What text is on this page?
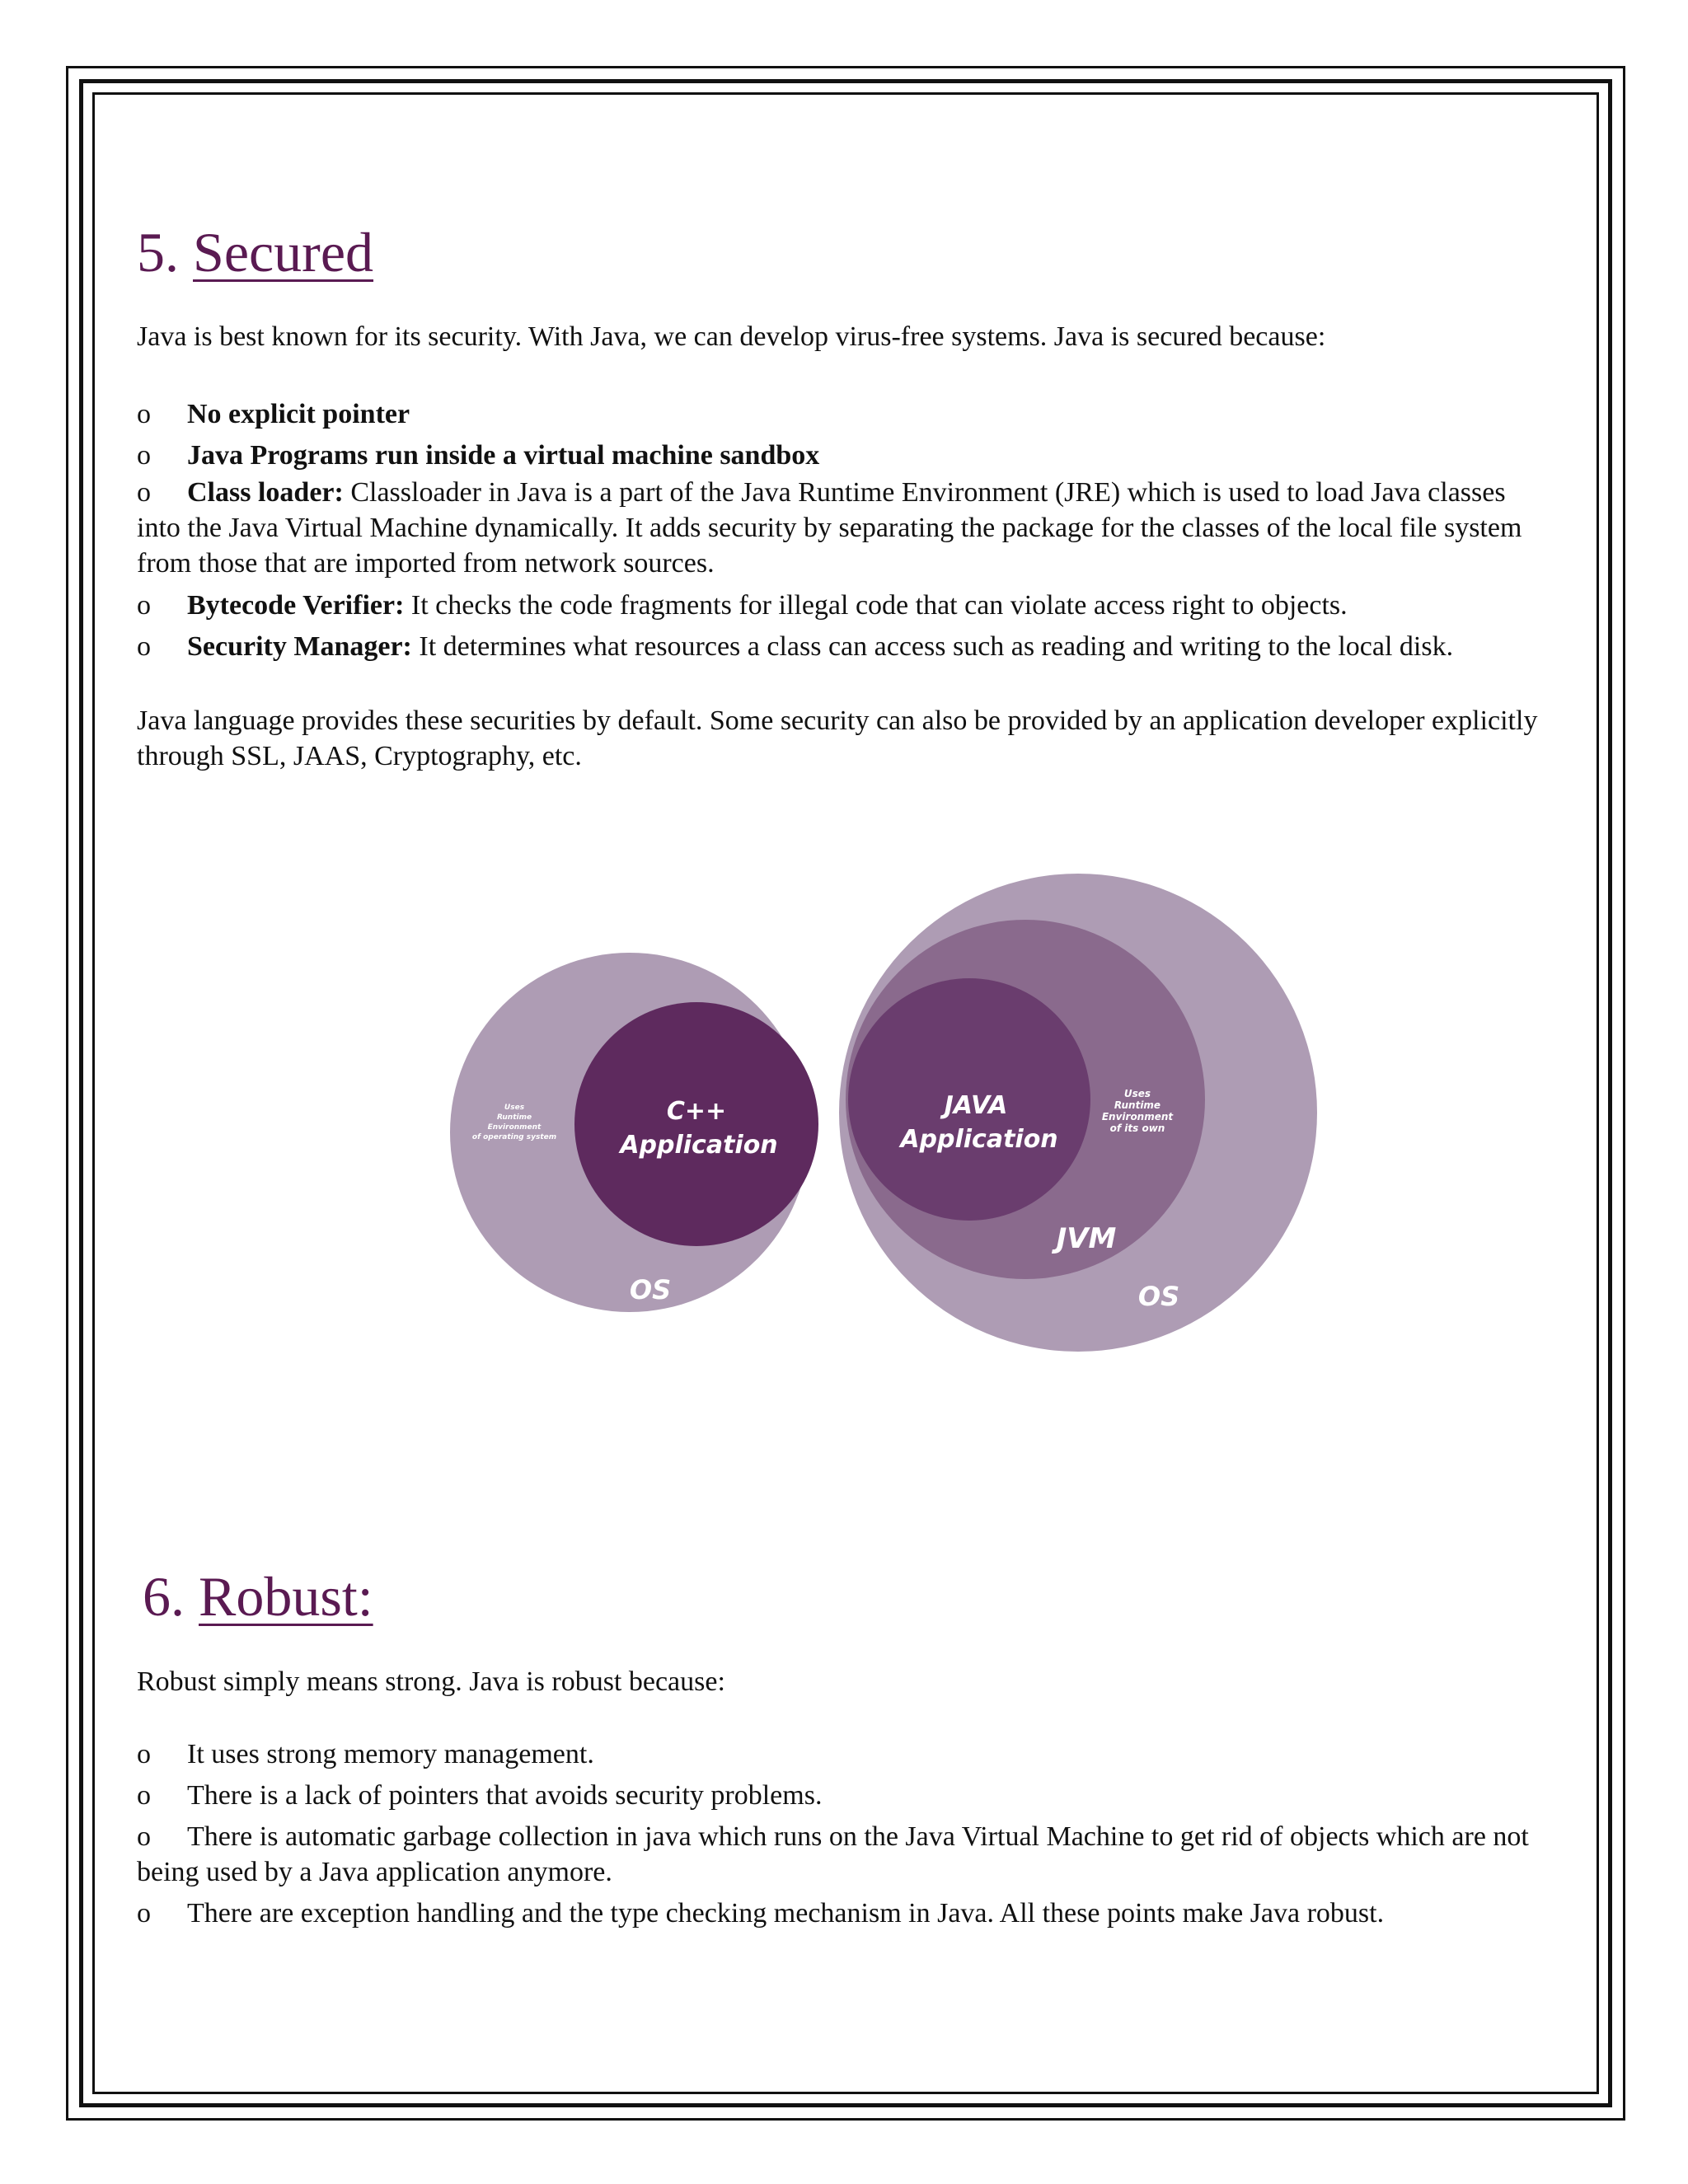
5. Secured
Java is best known for its security. With Java, we can develop virus-free systems. Java is secured because:
o No explicit pointer
o Java Programs run inside a virtual machine sandbox
o Class loader: Classloader in Java is a part of the Java Runtime Environment (JRE) which is used to load Java classes into the Java Virtual Machine dynamically. It adds security by separating the package for the classes of the local file system from those that are imported from network sources.
o Bytecode Verifier: It checks the code fragments for illegal code that can violate access right to objects.
o Security Manager: It determines what resources a class can access such as reading and writing to the local disk.
Java language provides these securities by default. Some security can also be provided by an application developer explicitly through SSL, JAAS, Cryptography, etc.
C++
Application
OS
Uses
Runtime
Environment
of operating system
JAVA
Application
JVM
OS
Uses
Runtime
Environment
of its own
6. Robust:
Robust simply means strong. Java is robust because:
o It uses strong memory management.
o There is a lack of pointers that avoids security problems.
o There is automatic garbage collection in java which runs on the Java Virtual Machine to get rid of objects which are not being used by a Java application anymore.
o There are exception handling and the type checking mechanism in Java. All these points make Java robust.
